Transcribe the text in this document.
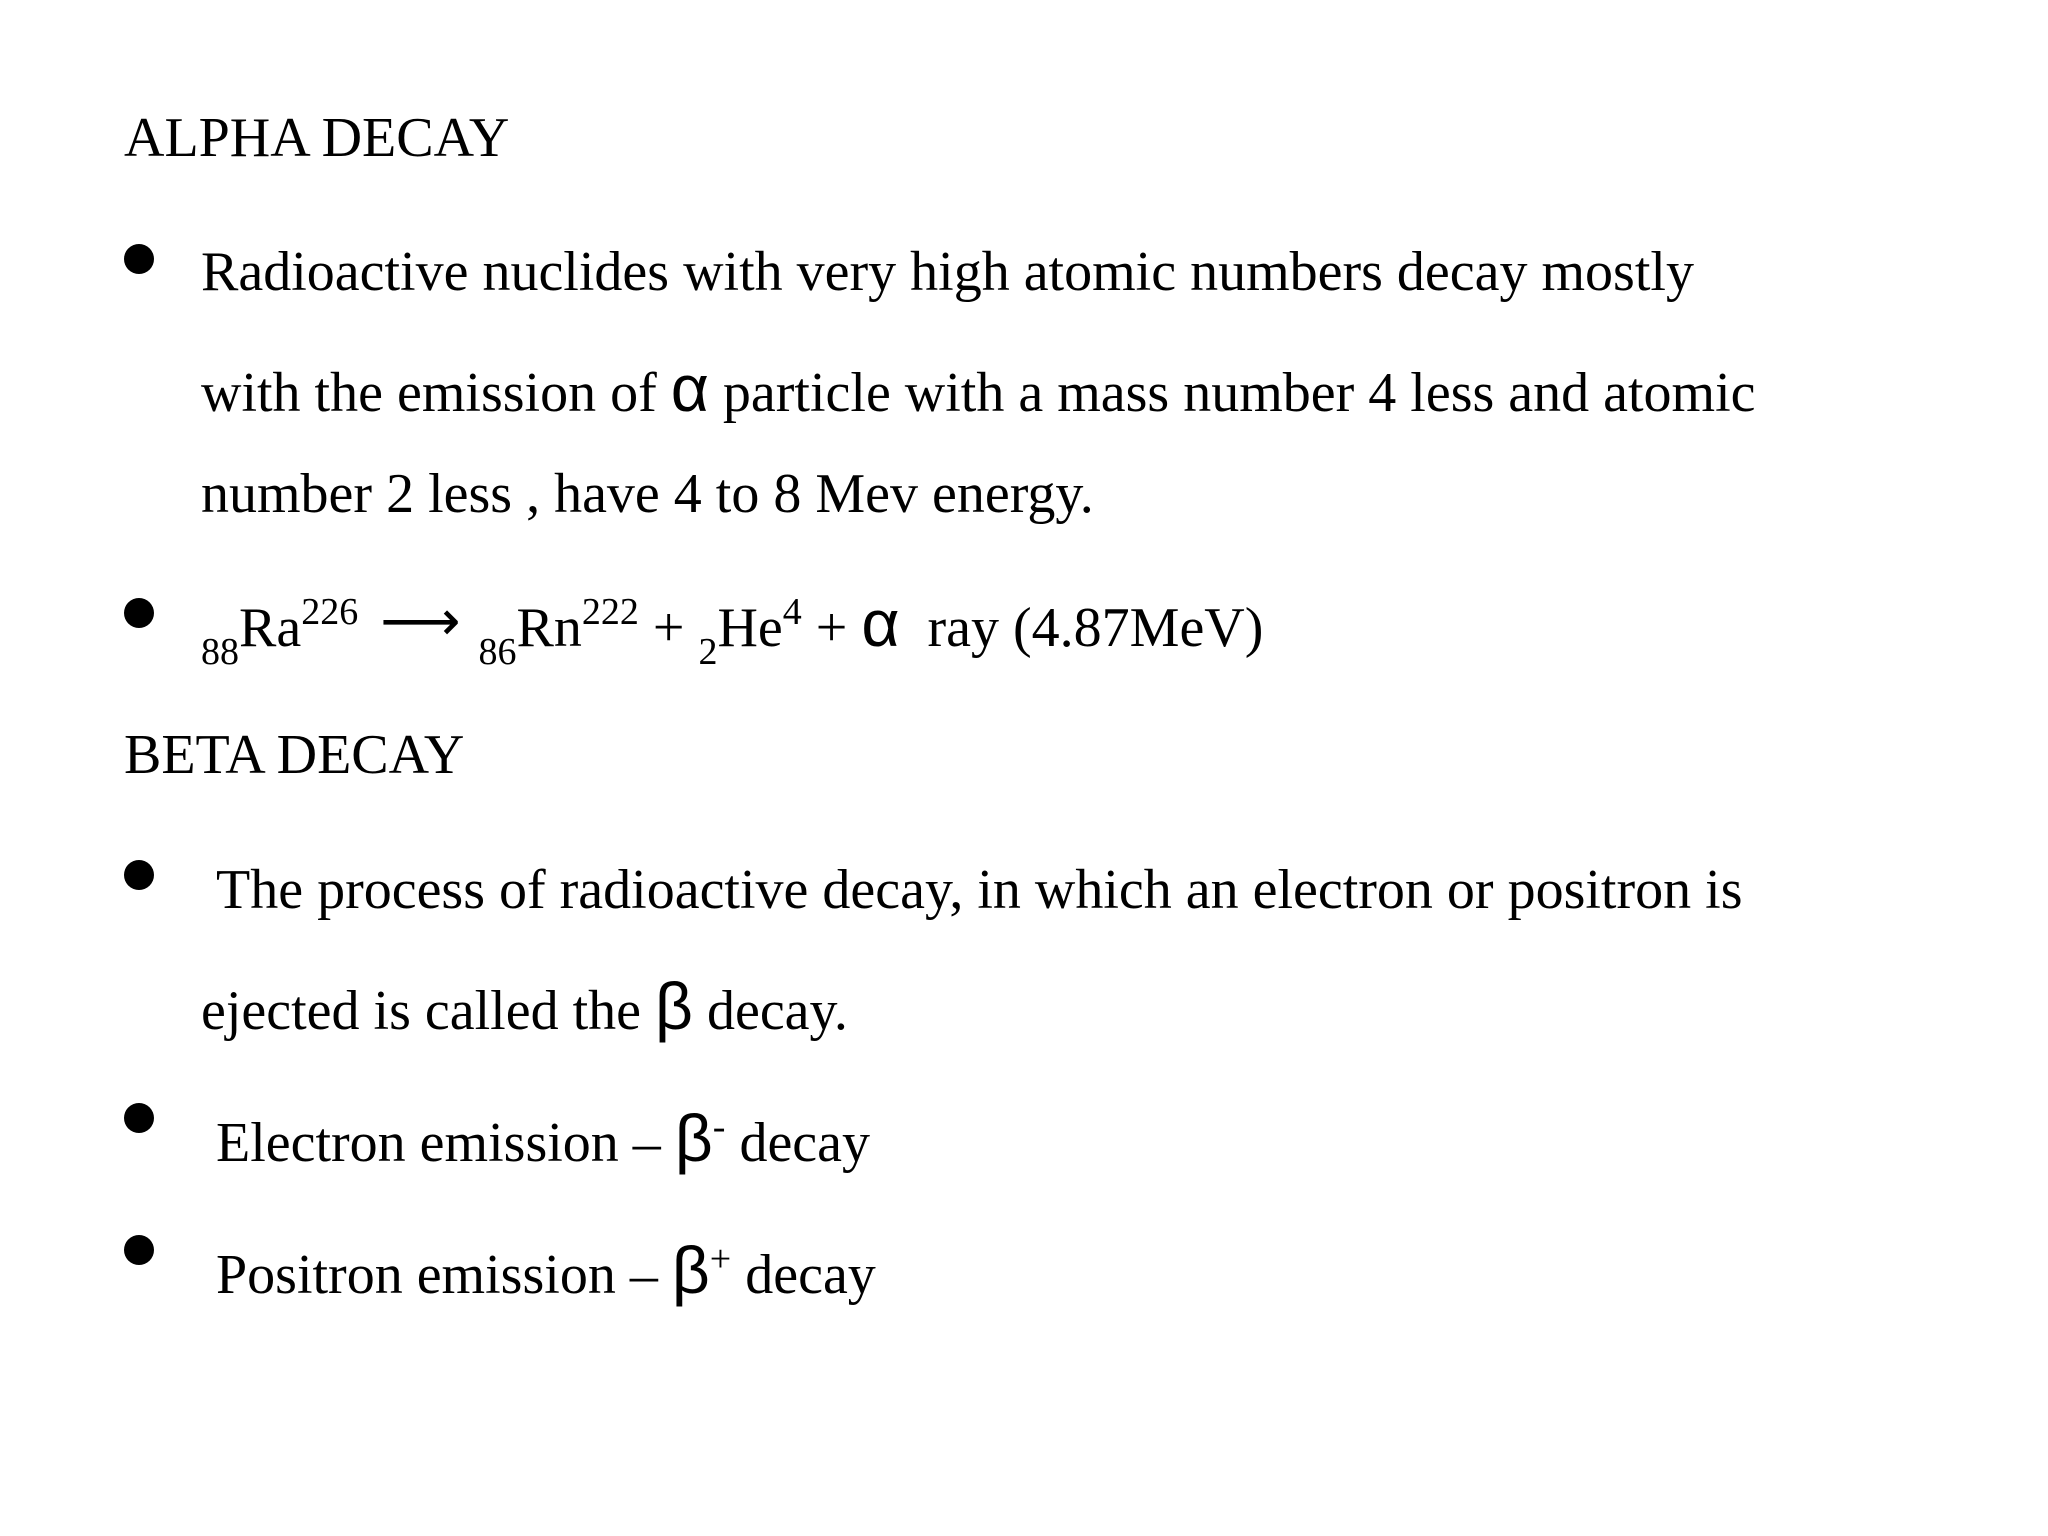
ALPHA DECAY
Radioactive nuclides with very high atomic numbers decay mostly
with the emission of α particle with a mass number 4 less and atomic
number 2 less , have 4 to 8 Mev energy.
$_{88}Ra^{226}$ ⟶ $_{86}Rn^{222} + _2He^4 + \alpha$ ray (4.87MeV)
BETA DECAY
The process of radioactive decay, in which an electron or positron is
ejected is called the β decay.
Electron emission – β- decay
Positron emission – β+ decay
